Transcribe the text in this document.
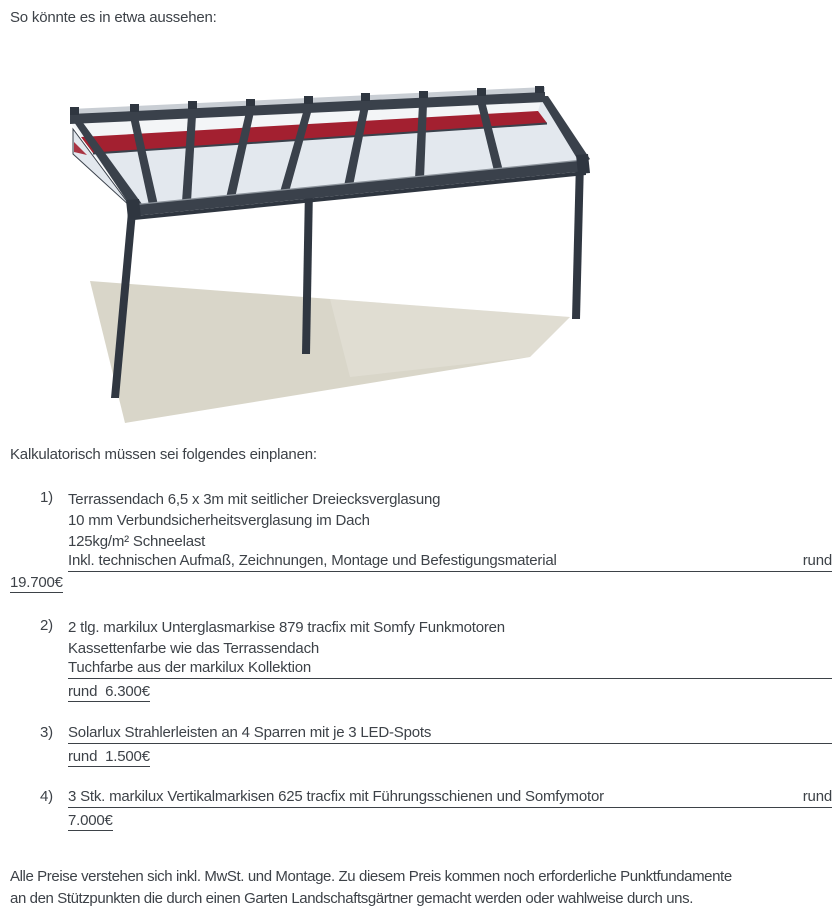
So könnte es in etwa aussehen:
Kalkulatorisch müssen sei folgendes einplanen:
1) Terrassendach 6,5 x 3m mit seitlicher Dreiecksverglasung
10 mm Verbundsicherheitsverglasung im Dach
125kg/m² Schneelast
Inkl. technischen Aufmaß, Zeichnungen, Montage und Befestigungsmaterial	rund
19.700€
2) 2 tlg. markilux Unterglasmarkise 879 tracfix mit Somfy Funkmotoren
Kassettenfarbe wie das Terrassendach
Tuchfarbe aus der markilux Kollektion
rund  6.300€
3) Solarlux Strahlerleisten an 4 Sparren mit je 3 LED-Spots
rund  1.500€
4) 3 Stk. markilux Vertikalmarkisen 625 tracfix mit Führungsschienen und Somfymotor	rund
7.000€
Alle Preise verstehen sich inkl. MwSt. und Montage. Zu diesem Preis kommen noch erforderliche Punktfundamente
an den Stützpunkten die durch einen Garten Landschaftsgärtner gemacht werden oder wahlweise durch uns.
